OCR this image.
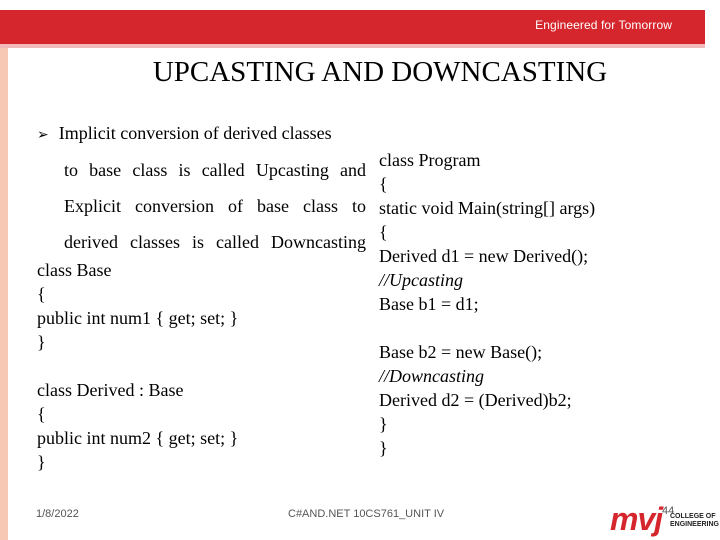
Engineered for Tomorrow
UPCASTING AND DOWNCASTING
➢ Implicit conversion of derived classes
to base class is called Upcasting and
Explicit conversion of base class to
derived classes is called Downcasting
class Base
{
public int num1 { get; set; }
}
class Derived : Base
{
public int num2 { get; set; }
}
class Program
{
static void Main(string[] args)
{
Derived d1 = new Derived();
//Upcasting
Base b1 = d1;
Base b2 = new Base();
//Downcasting
Derived d2 = (Derived)b2;
}
}
1/8/2022	C#AND.NET 10CS761_UNIT IV	mvj COLLEGE OF
ENGINEERING
44
